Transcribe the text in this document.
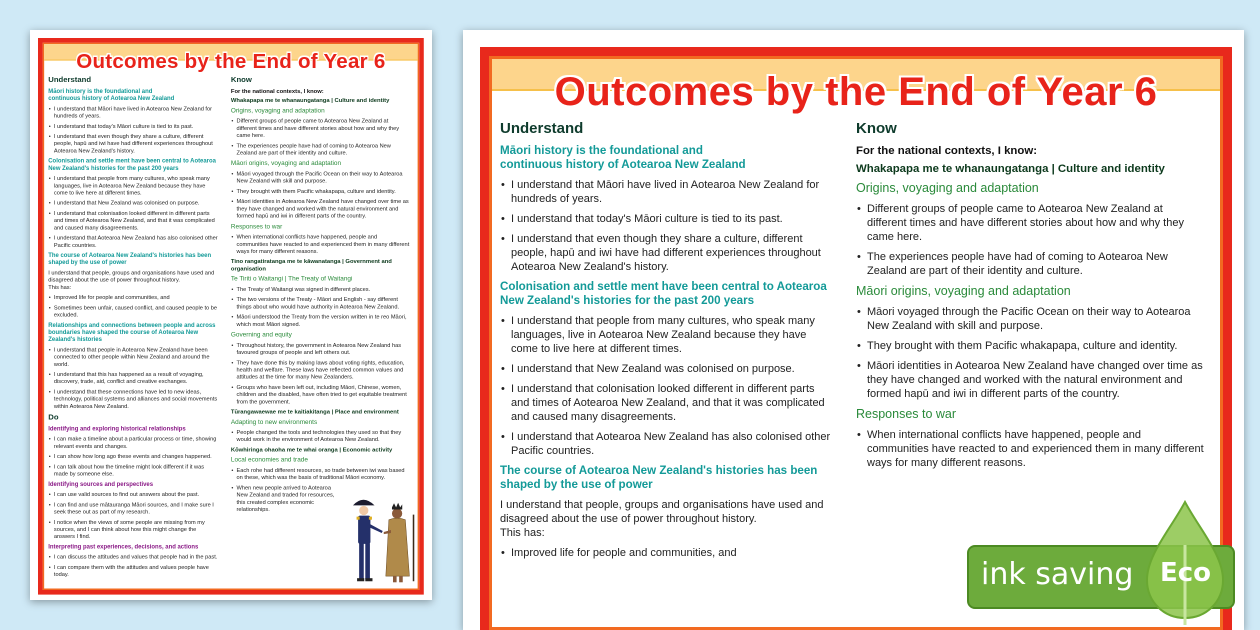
Outcomes by the End of Year 6
Understand
Māori history is the foundational and
continuous history of Aotearoa New Zealand
• I understand that Māori have lived in Aotearoa New Zealand for hundreds of years.
• I understand that today's Māori culture is tied to its past.
• I understand that even though they share a culture, different people, hapū and iwi have had different experiences throughout Aotearoa New Zealand's history.
Colonisation and settle ment have been central to Aotearoa New Zealand's histories for the past 200 years
• I understand that people from many cultures, who speak many languages, live in Aotearoa New Zealand because they have come to live here at different times.
• I understand that New Zealand was colonised on purpose.
• I understand that colonisation looked different in different parts and times of Aotearoa New Zealand, and that it was complicated and caused many disagreements.
• I understand that Aotearoa New Zealand has also colonised other Pacific countries.
The course of Aotearoa New Zealand's histories has been shaped by the use of power
I understand that people, groups and organisations have used and disagreed about the use of power throughout history.
This has:
• Improved life for people and communities, and
• Sometimes been unfair, caused conflict, and caused people to be excluded.
Relationships and connections between people and across boundaries have shaped the course of Aotearoa New Zealand's histories
• I understand that people in Aotearoa New Zealand have been connected to other people within New Zealand and around the world.
• I understand that this has happened as a result of voyaging, discovery, trade, aid, conflict and creative exchanges.
• I understand that these connections have led to new ideas, technology, political systems and alliances and social movements within Aotearoa New Zealand.
Do
Identifying and exploring historical relationships
• I can make a timeline about a particular process or time, showing relevant events and changes.
• I can show how long ago these events and changes happened.
• I can talk about how the timeline might look different if it was made by someone else.
Identifying sources and perspectives
• I can use valid sources to find out answers about the past.
• I can find and use mātauranga Māori sources, and I make sure I seek these out as part of my research.
• I notice when the views of some people are missing from my sources, and I can think about how this might change the answers I find.
Interpreting past experiences, decisions, and actions
• I can discuss the attitudes and values that people had in the past.
• I can compare them with the attitudes and values people have today.
Know
For the national contexts, I know:
Whakapapa me te whanaungatanga | Culture and identity
Origins, voyaging and adaptation
• Different groups of people came to Aotearoa New Zealand at different times and have different stories about how and why they came here.
• The experiences people have had of coming to Aotearoa New Zealand are part of their identity and culture.
Māori origins, voyaging and adaptation
• Māori voyaged through the Pacific Ocean on their way to Aotearoa New Zealand with skill and purpose.
• They brought with them Pacific whakapapa, culture and identity.
• Māori identities in Aotearoa New Zealand have changed over time as they have changed and worked with the natural environment and formed hapū and iwi in different parts of the country.
Responses to war
• When international conflicts have happened, people and communities have reacted to and experienced them in many different ways for many different reasons.
Tino rangatiratanga me te kāwanatanga | Government and organisation
Te Tiriti o Waitangi | The Treaty of Waitangi
• The Treaty of Waitangi was signed in different places.
• The two versions of the Treaty - Māori and English - say different things about who would have authority in Aotearoa New Zealand.
• Māori understood the Treaty from the version written in te reo Māori, which most Māori signed.
Governing and equity
• Throughout history, the government in Aotearoa New Zealand has favoured groups of people and left others out.
• They have done this by making laws about voting rights, education, health and welfare. These laws have reflected common values and attitudes at the time for many New Zealanders.
• Groups who have been left out, including Māori, Chinese, women, children and the disabled, have often tried to get equitable treatment from the government.
Tūrangawaewae me te kaitiakitanga | Place and environment
Adapting to new environments
• People changed the tools and technologies they used so that they would work in the environment of Aotearoa New Zealand.
Kōwhiringa ohaoha me te whai oranga | Economic activity
Local economies and trade
• Each rohe had different resources, so trade between iwi was based on these, which was the basis of traditional Māori economy.
• When new people arrived to Aotearoa New Zealand and traded for resources, this created complex economic relationships.
Outcomes by the End of Year 6
Understand
Māori history is the foundational and
continuous history of Aotearoa New Zealand
• I understand that Māori have lived in Aotearoa New Zealand for hundreds of years.
• I understand that today's Māori culture is tied to its past.
• I understand that even though they share a culture, different people, hapū and iwi have had different experiences throughout Aotearoa New Zealand's history.
Colonisation and settle ment have been central to Aotearoa New Zealand's histories for the past 200 years
• I understand that people from many cultures, who speak many languages, live in Aotearoa New Zealand because they have come to live here at different times.
• I understand that New Zealand was colonised on purpose.
• I understand that colonisation looked different in different parts and times of Aotearoa New Zealand, and that it was complicated and caused many disagreements.
• I understand that Aotearoa New Zealand has also colonised other Pacific countries.
The course of Aotearoa New Zealand's histories has been shaped by the use of power
I understand that people, groups and organisations have used and disagreed about the use of power throughout history.
This has:
• Improved life for people and communities, and
Know
For the national contexts, I know:
Whakapapa me te whanaungatanga | Culture and identity
Origins, voyaging and adaptation
• Different groups of people came to Aotearoa New Zealand at different times and have different stories about how and why they came here.
• The experiences people have had of coming to Aotearoa New Zealand are part of their identity and culture.
Māori origins, voyaging and adaptation
• Māori voyaged through the Pacific Ocean on their way to Aotearoa New Zealand with skill and purpose.
• They brought with them Pacific whakapapa, culture and identity.
• Māori identities in Aotearoa New Zealand have changed over time as they have changed and worked with the natural environment and formed hapū and iwi in different parts of the country.
Responses to war
• When international conflicts have happened, people and communities have reacted to and experienced them in many different ways for many different reasons.
ink saving Eco
